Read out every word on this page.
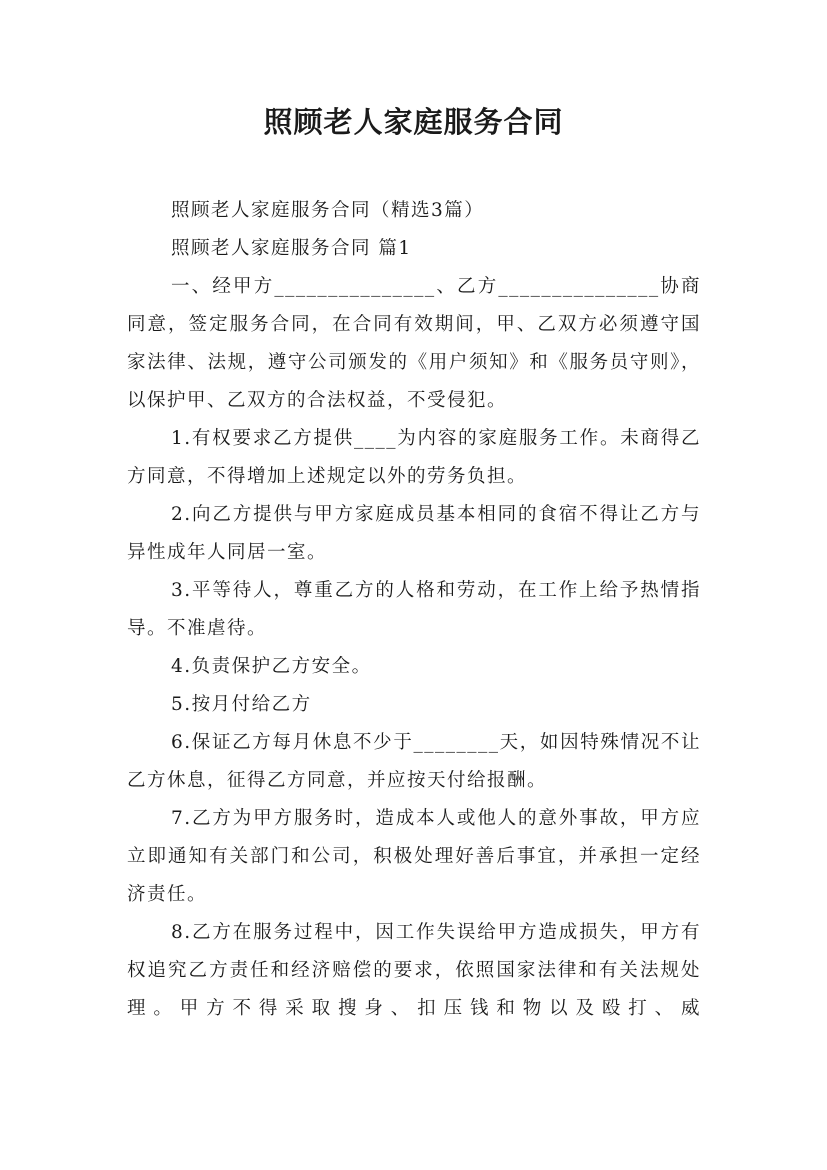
照顾老人家庭服务合同

照顾老人家庭服务合同（精选3篇）

照顾老人家庭服务合同 篇1

一、经甲方_______________、乙方_______________协商同意，签定服务合同，在合同有效期间，甲、乙双方必须遵守国家法律、法规，遵守公司颁发的《用户须知》和《服务员守则》，以保护甲、乙双方的合法权益，不受侵犯。

1.有权要求乙方提供____为内容的家庭服务工作。未商得乙方同意，不得增加上述规定以外的劳务负担。

2.向乙方提供与甲方家庭成员基本相同的食宿不得让乙方与异性成年人同居一室。

3.平等待人，尊重乙方的人格和劳动，在工作上给予热情指导。不准虐待。

4.负责保护乙方安全。

5.按月付给乙方

6.保证乙方每月休息不少于________天，如因特殊情况不让乙方休息，征得乙方同意，并应按天付给报酬。

7.乙方为甲方服务时，造成本人或他人的意外事故，甲方应立即通知有关部门和公司，积极处理好善后事宜，并承担一定经济责任。

8.乙方在服务过程中，因工作失误给甲方造成损失，甲方有权追究乙方责任和经济赔偿的要求，依照国家法律和有关法规处理。甲方不得采取搜身、扣压钱和物以及殴打、威
